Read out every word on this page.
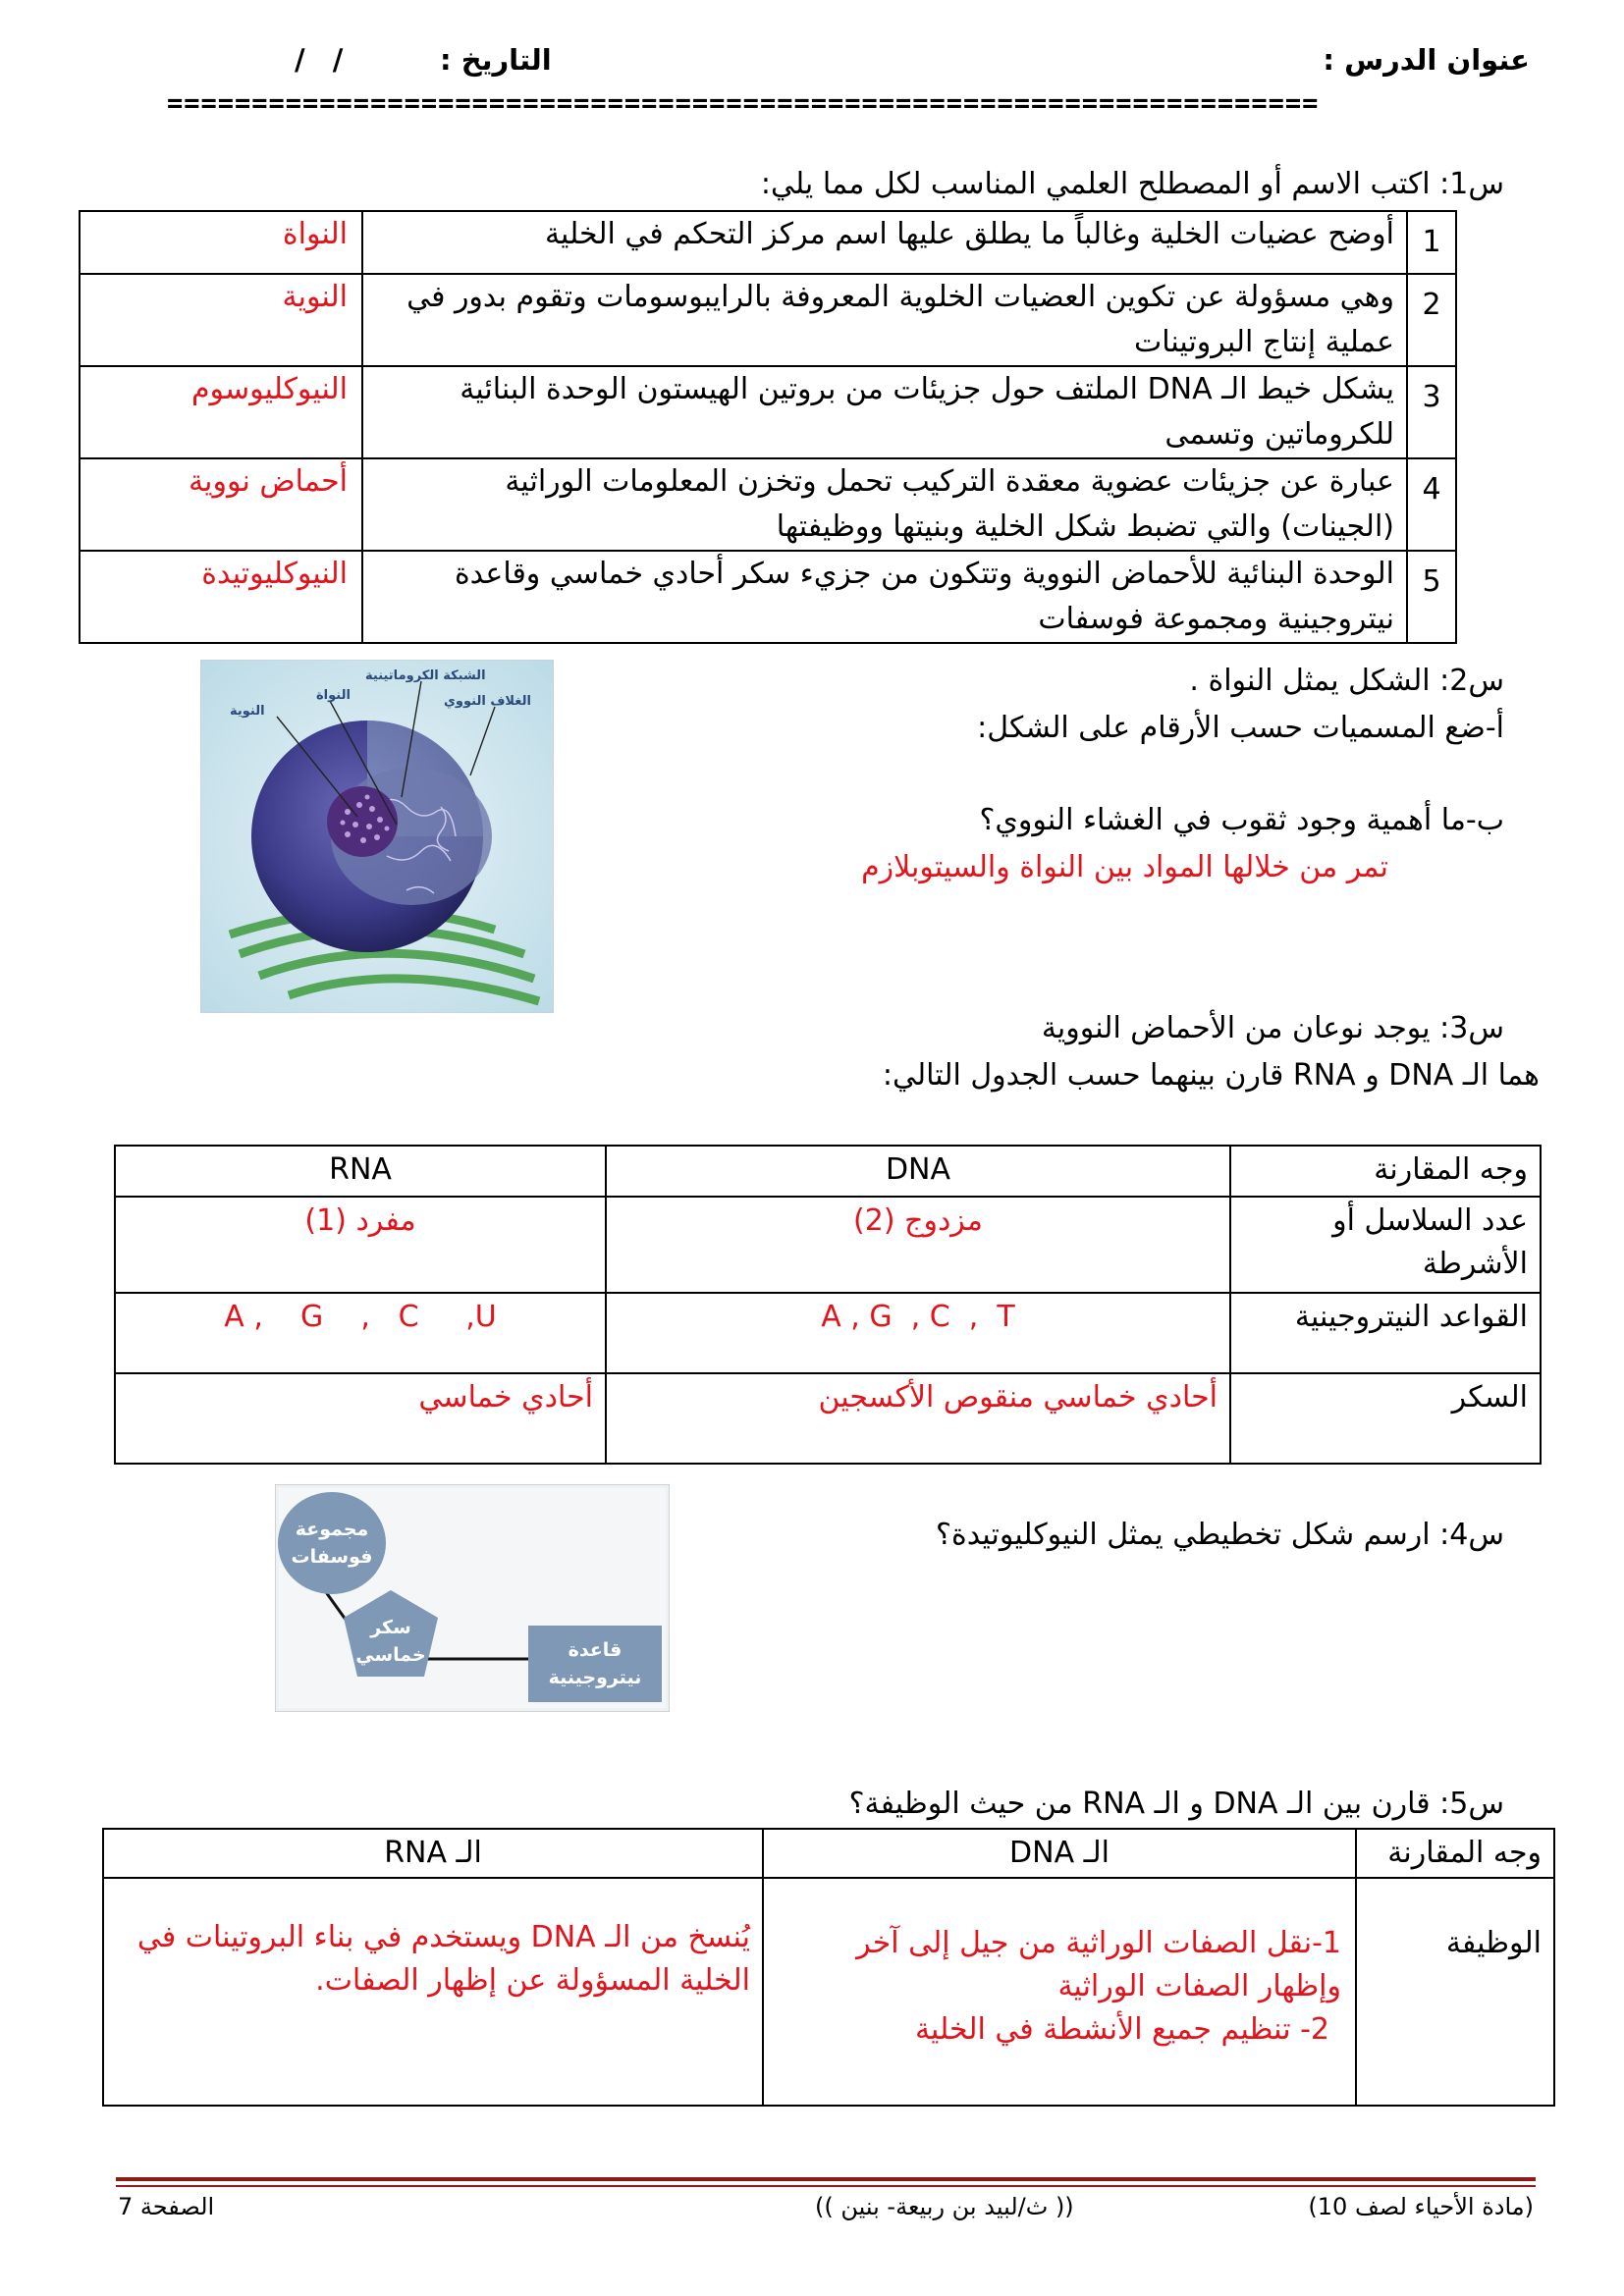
عنوان الدرس :
التاريخ :
/ /
====================================================================
س1: اكتب الاسم أو المصطلح العلمي المناسب لكل مما يلي:
1	أوضح عضيات الخلية وغالباً ما يطلق عليها اسم مركز التحكم في الخلية	النواة
2	وهي مسؤولة عن تكوين العضيات الخلوية المعروفة بالرايبوسومات وتقوم بدور في عملية إنتاج البروتينات	النوية
3	يشكل خيط الـ DNA الملتف حول جزيئات من بروتين الهيستون الوحدة البنائية للكروماتين وتسمى	النيوكليوسوم
4	عبارة عن جزيئات عضوية معقدة التركيب تحمل وتخزن المعلومات الوراثية (الجينات) والتي تضبط شكل الخلية وبنيتها ووظيفتها	أحماض نووية
5	الوحدة البنائية للأحماض النووية وتتكون من جزيء سكر أحادي خماسي وقاعدة نيتروجينية ومجموعة فوسفات	النيوكليوتيدة
س2: الشكل يمثل النواة .
أ-ضع المسميات حسب الأرقام على الشكل:
ب-ما أهمية وجود ثقوب في الغشاء النووي؟
تمر من خلالها المواد بين النواة والسيتوبلازم
النوية
النواة
الشبكة الكروماتينية
الغلاف النووي
س3: يوجد نوعان من الأحماض النووية
هما الـ DNA و RNA قارن بينهما حسب الجدول التالي:
وجه المقارنة	DNA	RNA
عدد السلاسل أو الأشرطة	مزدوج (2)	مفرد (1)
القواعد النيتروجينية	A , G  , C  ,  T	A ,    G    ,   C     ,U
السكر	أحادي خماسي منقوص الأكسجين	أحادي خماسي
س4: ارسم شكل تخطيطي يمثل النيوكليوتيدة؟
مجموعة
فوسفات
سكر
خماسي	قاعدة
نيتروجينية
س5: قارن بين الـ DNA و الـ RNA من حيث الوظيفة؟
وجه المقارنة	الـ DNA	الـ RNA
الوظيفة	1-نقل الصفات الوراثية من جيل إلى آخر
وإظهار الصفات الوراثية
2- تنظيم جميع الأنشطة في الخلية	يُنسخ من الـ DNA ويستخدم في بناء البروتينات في الخلية المسؤولة عن إظهار الصفات.
(مادة الأحياء لصف 10)
(( ث/لبيد بن ربيعة- بنين ))
الصفحة 7
